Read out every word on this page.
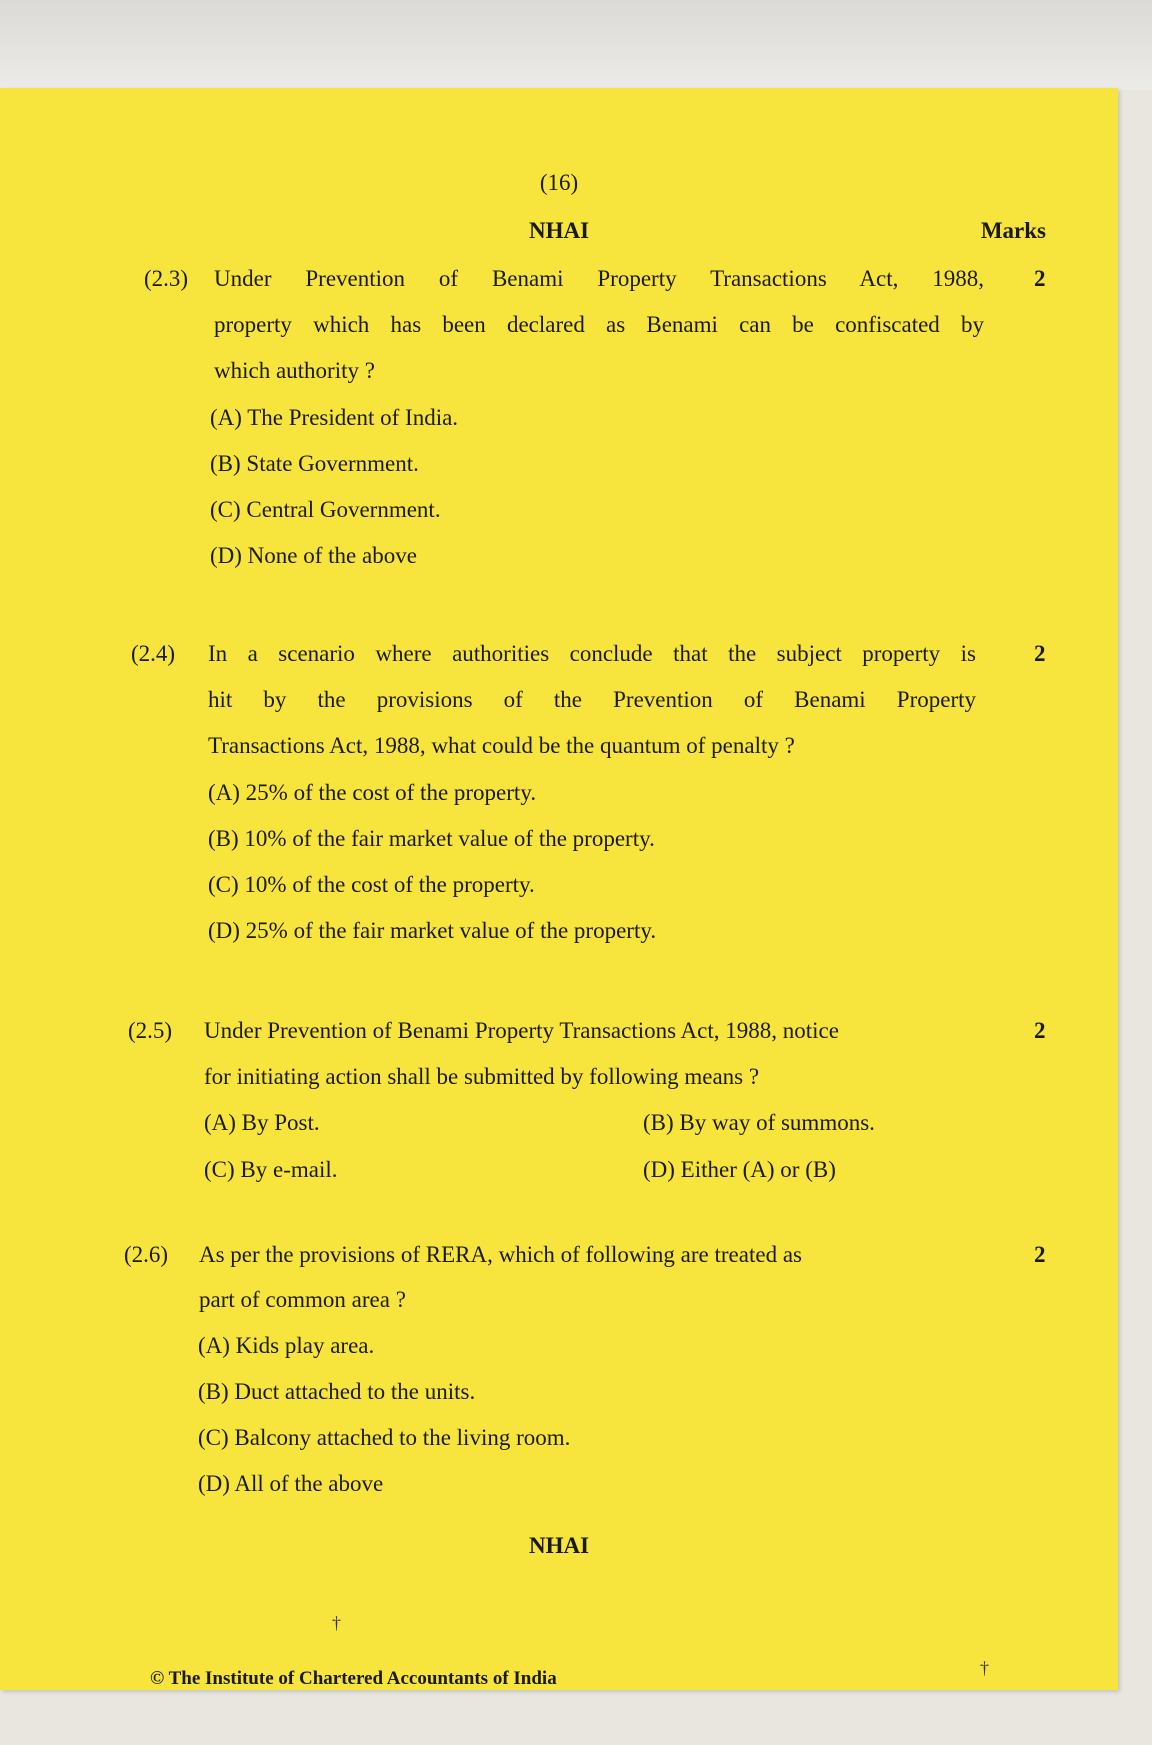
(16)
NHAI	Marks
(2.3)	2
Under Prevention of Benami Property Transactions Act, 1988,
property which has been declared as Benami can be confiscated by
which authority ?
(A) The President of India.
(B) State Government.
(C) Central Government.
(D) None of the above
(2.4)	2
In a scenario where authorities conclude that the subject property is
hit by the provisions of the Prevention of Benami Property
Transactions Act, 1988, what could be the quantum of penalty ?
(A) 25% of the cost of the property.
(B) 10% of the fair market value of the property.
(C) 10% of the cost of the property.
(D) 25% of the fair market value of the property.
(2.5)	2
Under Prevention of Benami Property Transactions Act, 1988, notice
for initiating action shall be submitted by following means ?
(A) By Post.	(B) By way of summons.
(C) By e-mail.	(D) Either (A) or (B)
(2.6)	2
As per the provisions of RERA, which of following are treated as
part of common area ?
(A) Kids play area.
(B) Duct attached to the units.
(C) Balcony attached to the living room.
(D) All of the above
NHAI
†
†
© The Institute of Chartered Accountants of India
